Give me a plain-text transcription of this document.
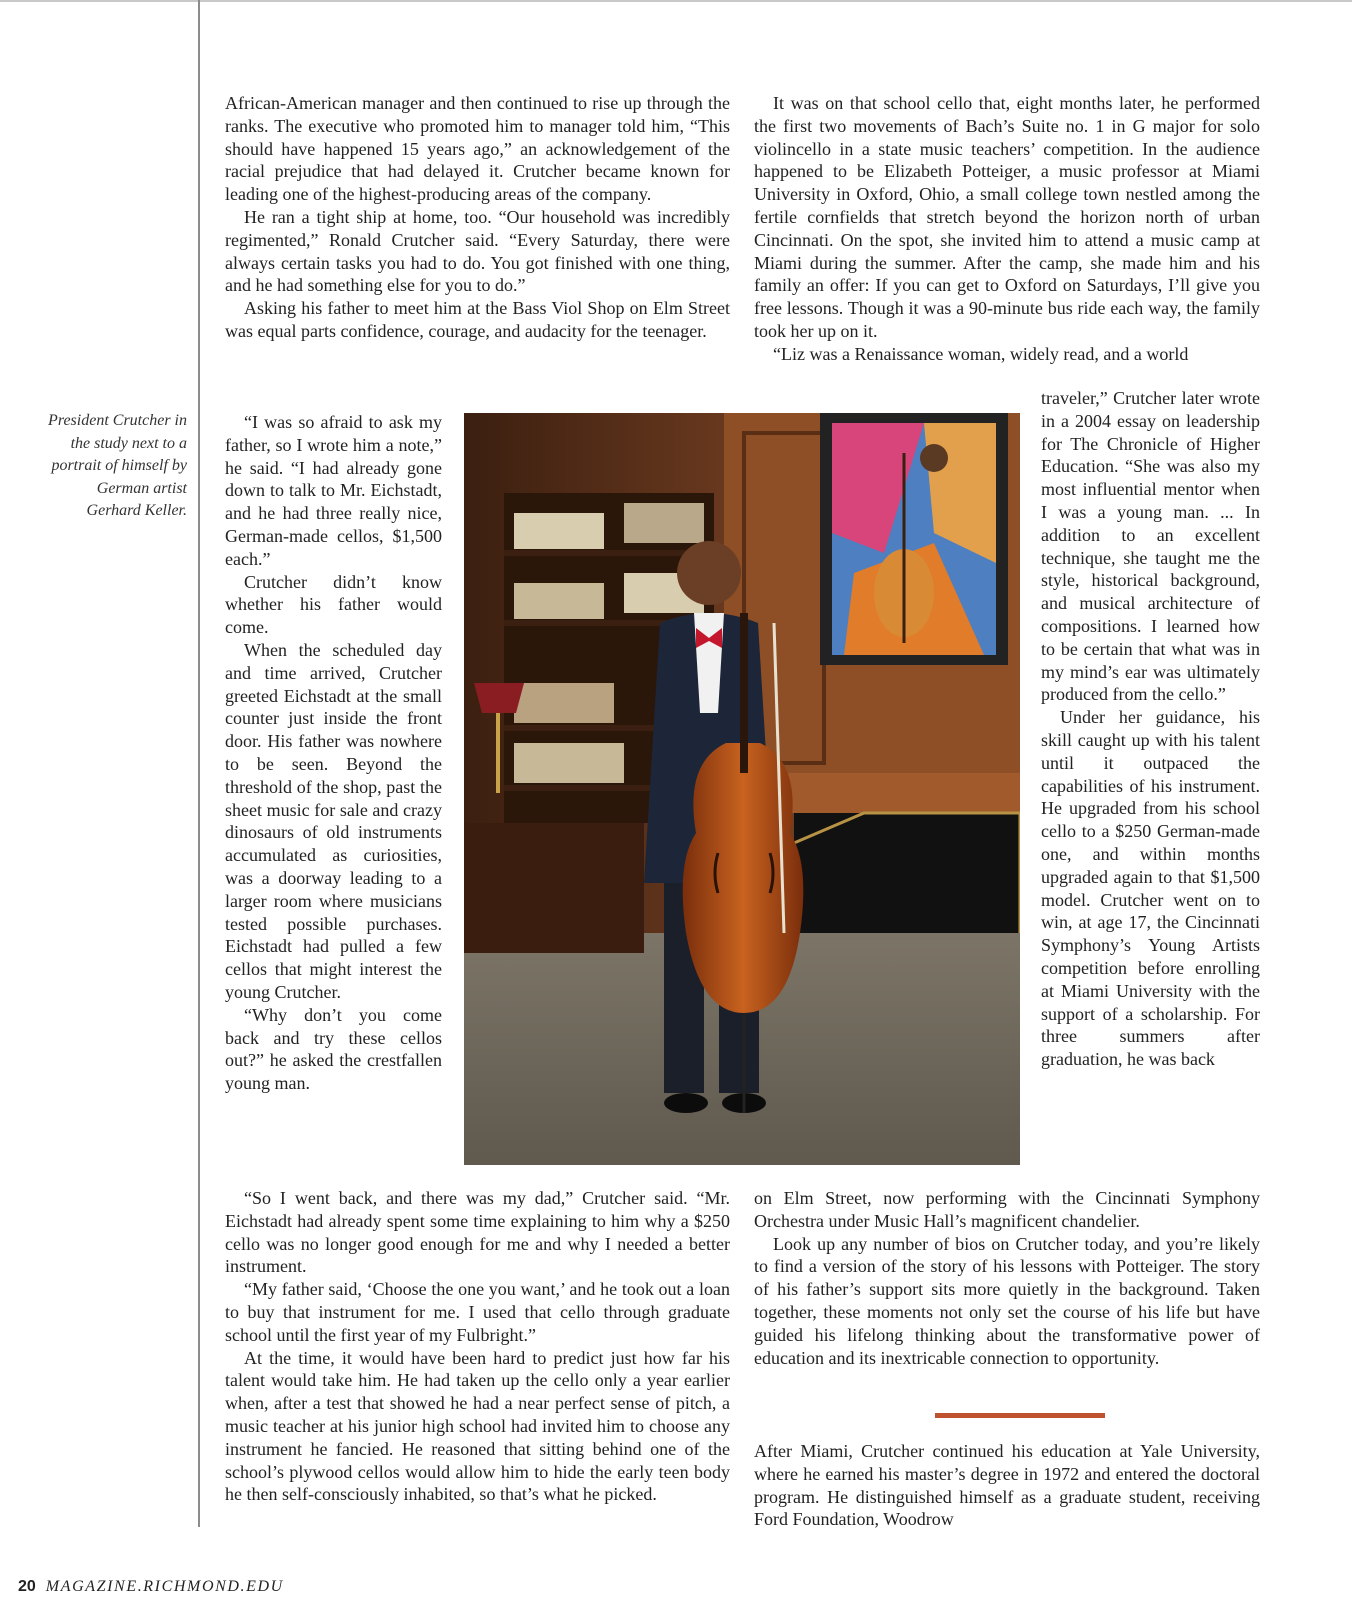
President Crutcher in the study next to a portrait of himself by German artist Gerhard Keller.

African-American manager and then continued to rise up through the ranks. The executive who promoted him to manager told him, “This should have happened 15 years ago,” an acknowledgement of the racial prejudice that had delayed it. Crutcher became known for leading one of the highest-producing areas of the company.

He ran a tight ship at home, too. “Our household was incredibly regimented,” Ronald Crutcher said. “Every Saturday, there were always certain tasks you had to do. You got finished with one thing, and he had something else for you to do.”

Asking his father to meet him at the Bass Viol Shop on Elm Street was equal parts confidence, courage, and audacity for the teenager.

“I was so afraid to ask my father, so I wrote him a note,” he said. “I had already gone down to talk to Mr. Eichstadt, and he had three really nice, German-made cellos, $1,500 each.”

Crutcher didn’t know whether his father would come.

When the scheduled day and time arrived, Crutcher greeted Eichstadt at the small counter just inside the front door. His father was nowhere to be seen. Beyond the threshold of the shop, past the sheet music for sale and crazy dinosaurs of old instruments accumulated as curiosities, was a doorway leading to a larger room where musicians tested possible purchases. Eichstadt had pulled a few cellos that might interest the young Crutcher.

“Why don’t you come back and try these cellos out?” he asked the crestfallen young man.

“So I went back, and there was my dad,” Crutcher said. “Mr. Eichstadt had already spent some time explaining to him why a $250 cello was no longer good enough for me and why I needed a better instrument.

“My father said, ‘Choose the one you want,’ and he took out a loan to buy that instrument for me. I used that cello through graduate school until the first year of my Fulbright.”

At the time, it would have been hard to predict just how far his talent would take him. He had taken up the cello only a year earlier when, after a test that showed he had a near perfect sense of pitch, a music teacher at his junior high school had invited him to choose any instrument he fancied. He reasoned that sitting behind one of the school’s plywood cellos would allow him to hide the early teen body he then self-consciously inhabited, so that’s what he picked.

It was on that school cello that, eight months later, he performed the first two movements of Bach’s Suite no. 1 in G major for solo violincello in a state music teachers’ competition. In the audience happened to be Elizabeth Potteiger, a music professor at Miami University in Oxford, Ohio, a small college town nestled among the fertile cornfields that stretch beyond the horizon north of urban Cincinnati. On the spot, she invited him to attend a music camp at Miami during the summer. After the camp, she made him and his family an offer: If you can get to Oxford on Saturdays, I’ll give you free lessons. Though it was a 90-minute bus ride each way, the family took her up on it.

“Liz was a Renaissance woman, widely read, and a world

traveler,” Crutcher later wrote in a 2004 essay on leadership for The Chronicle of Higher Education. “She was also my most influential mentor when I was a young man. ... In addition to an excellent technique, she taught me the style, historical background, and musical architecture of compositions. I learned how to be certain that what was in my mind’s ear was ultimately produced from the cello.”

Under her guidance, his skill caught up with his talent until it outpaced the capabilities of his instrument. He upgraded from his school cello to a $250 German-made one, and within months upgraded again to that $1,500 model. Crutcher went on to win, at age 17, the Cincinnati Symphony’s Young Artists competition before enrolling at Miami University with the support of a scholarship. For three summers after graduation, he was back

on Elm Street, now performing with the Cincinnati Symphony Orchestra under Music Hall’s magnificent chandelier.

Look up any number of bios on Crutcher today, and you’re likely to find a version of the story of his lessons with Potteiger. The story of his father’s support sits more quietly in the background. Taken together, these moments not only set the course of his life but have guided his lifelong thinking about the transformative power of education and its inextricable connection to opportunity.

After Miami, Crutcher continued his education at Yale University, where he earned his master’s degree in 1972 and entered the doctoral program. He distinguished himself as a graduate student, receiving Ford Foundation, Woodrow

20 MAGAZINE.RICHMOND.EDU
